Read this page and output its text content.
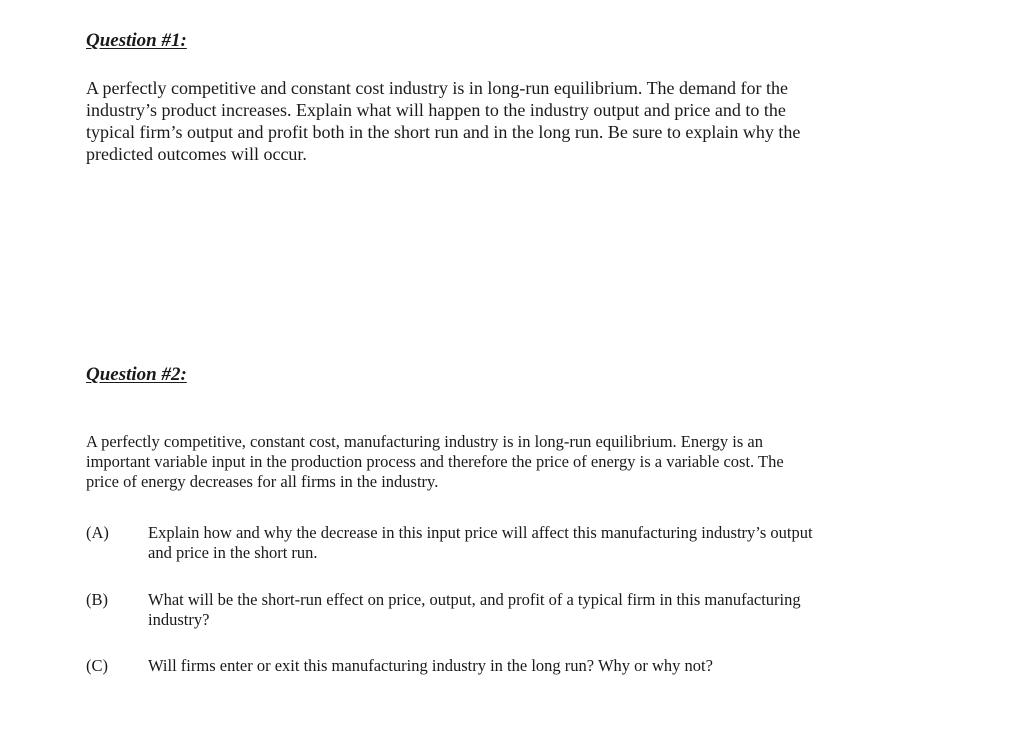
Question #1:

A perfectly competitive and constant cost industry is in long-run equilibrium. The demand for the
industry’s product increases. Explain what will happen to the industry output and price and to the
typical firm’s output and profit both in the short run and in the long run. Be sure to explain why the
predicted outcomes will occur.

Question #2:

A perfectly competitive, constant cost, manufacturing industry is in long-run equilibrium. Energy is an
important variable input in the production process and therefore the price of energy is a variable cost. The
price of energy decreases for all firms in the industry.

(A) Explain how and why the decrease in this input price will affect this manufacturing industry’s output
and price in the short run.
(B) What will be the short-run effect on price, output, and profit of a typical firm in this manufacturing
industry?
(C) Will firms enter or exit this manufacturing industry in the long run? Why or why not?
